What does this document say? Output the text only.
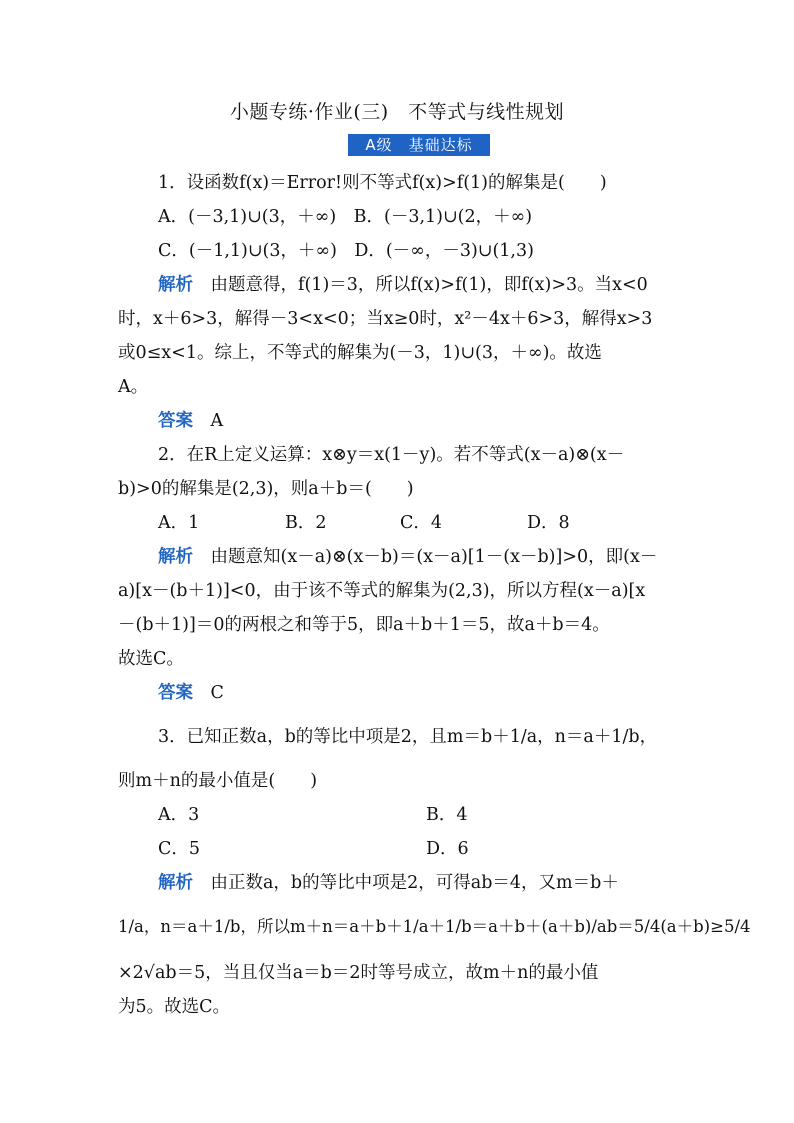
小题专练·作业(三)　不等式与线性规划
A级　基础达标
1．设函数f(x)＝Error!则不等式f(x)>f(1)的解集是(　　)
A．(－3,1)∪(3，＋∞)　B．(－3,1)∪(2，＋∞)
C．(－1,1)∪(3，＋∞)　D．(－∞，－3)∪(1,3)
解析　 由题意得，f(1)＝3，所以f(x)>f(1)，即f(x)>3。当x<0
时，x＋6>3，解得－3<x<0；当x≥0时，x²－4x＋6>3，解得x>3
或0≤x<1。综上，不等式的解集为(－3，1)∪(3，＋∞)。故选
A。
答案　 A
2．在R上定义运算：x⊗y＝x(1－y)。若不等式(x－a)⊗(x－
b)>0的解集是(2,3)，则a＋b＝(　　)
A．1	B．2	C．4	D．8
解析　 由题意知(x－a)⊗(x－b)＝(x－a)[1－(x－b)]>0，即(x－
a)[x－(b＋1)]<0，由于该不等式的解集为(2,3)，所以方程(x－a)[x
－(b＋1)]＝0的两根之和等于5，即a＋b＋1＝5，故a＋b＝4。
故选C。
答案　 C
3．已知正数a，b的等比中项是2，且m＝b＋1/a，n＝a＋1/b，
则m＋n的最小值是(　　)
A．3	B．4
C．5	D．6
解析　 由正数a，b的等比中项是2，可得ab＝4，又m＝b＋
1/a，n＝a＋1/b，所以m＋n＝a＋b＋1/a＋1/b＝a＋b＋(a＋b)/ab＝5/4(a＋b)≥5/4
×2√ab＝5，当且仅当a＝b＝2时等号成立，故m＋n的最小值
为5。故选C。
